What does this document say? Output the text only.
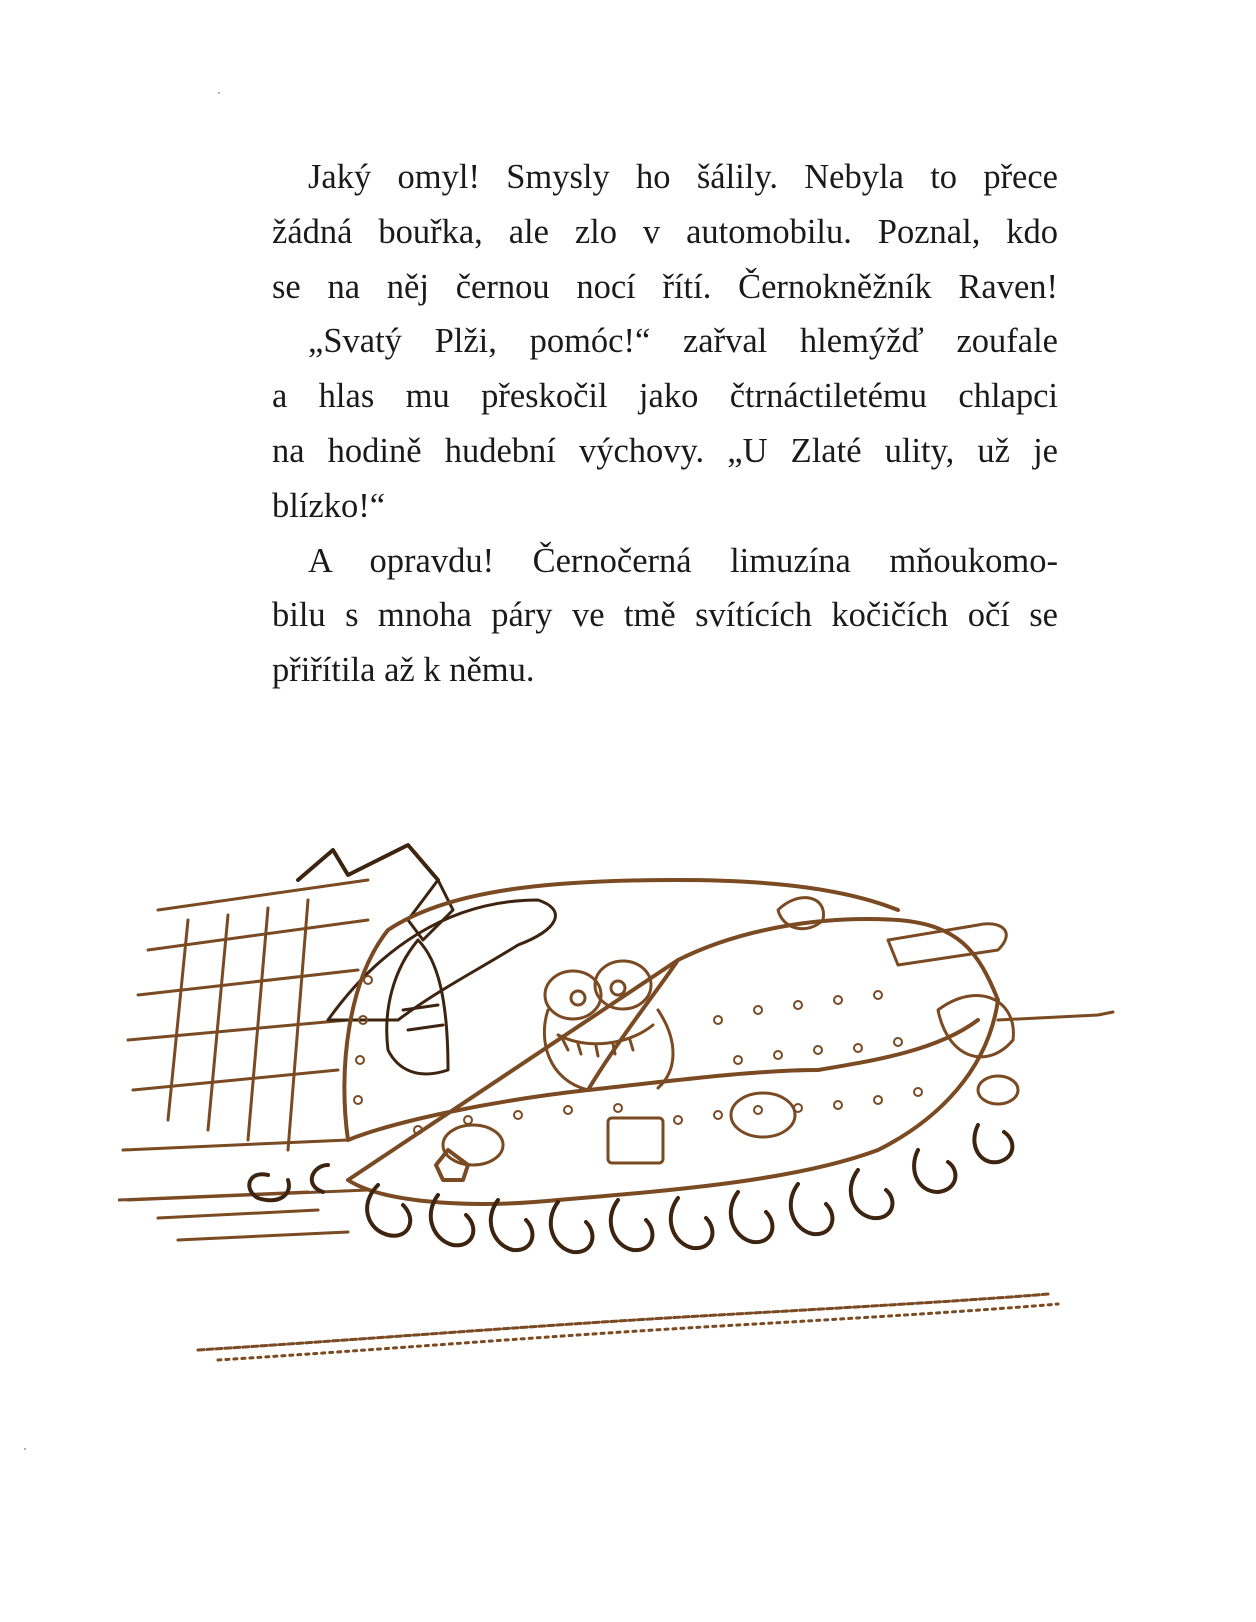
Jaký omyl! Smysly ho šálily. Nebyla to přece
žádná bouřka, ale zlo v automobilu. Poznal, kdo
se na něj černou nocí řítí. Černokněžník Raven!
„Svatý Plži, pomóc!“ zařval hlemýžď zoufale
a hlas mu přeskočil jako čtrnáctiletému chlapci
na hodině hudební výchovy. „U Zlaté ulity, už je
blízko!“
A opravdu! Černočerná limuzína mňoukomo-
bilu s mnoha páry ve tmě svítících kočičích očí se
přiřítila až k němu.
